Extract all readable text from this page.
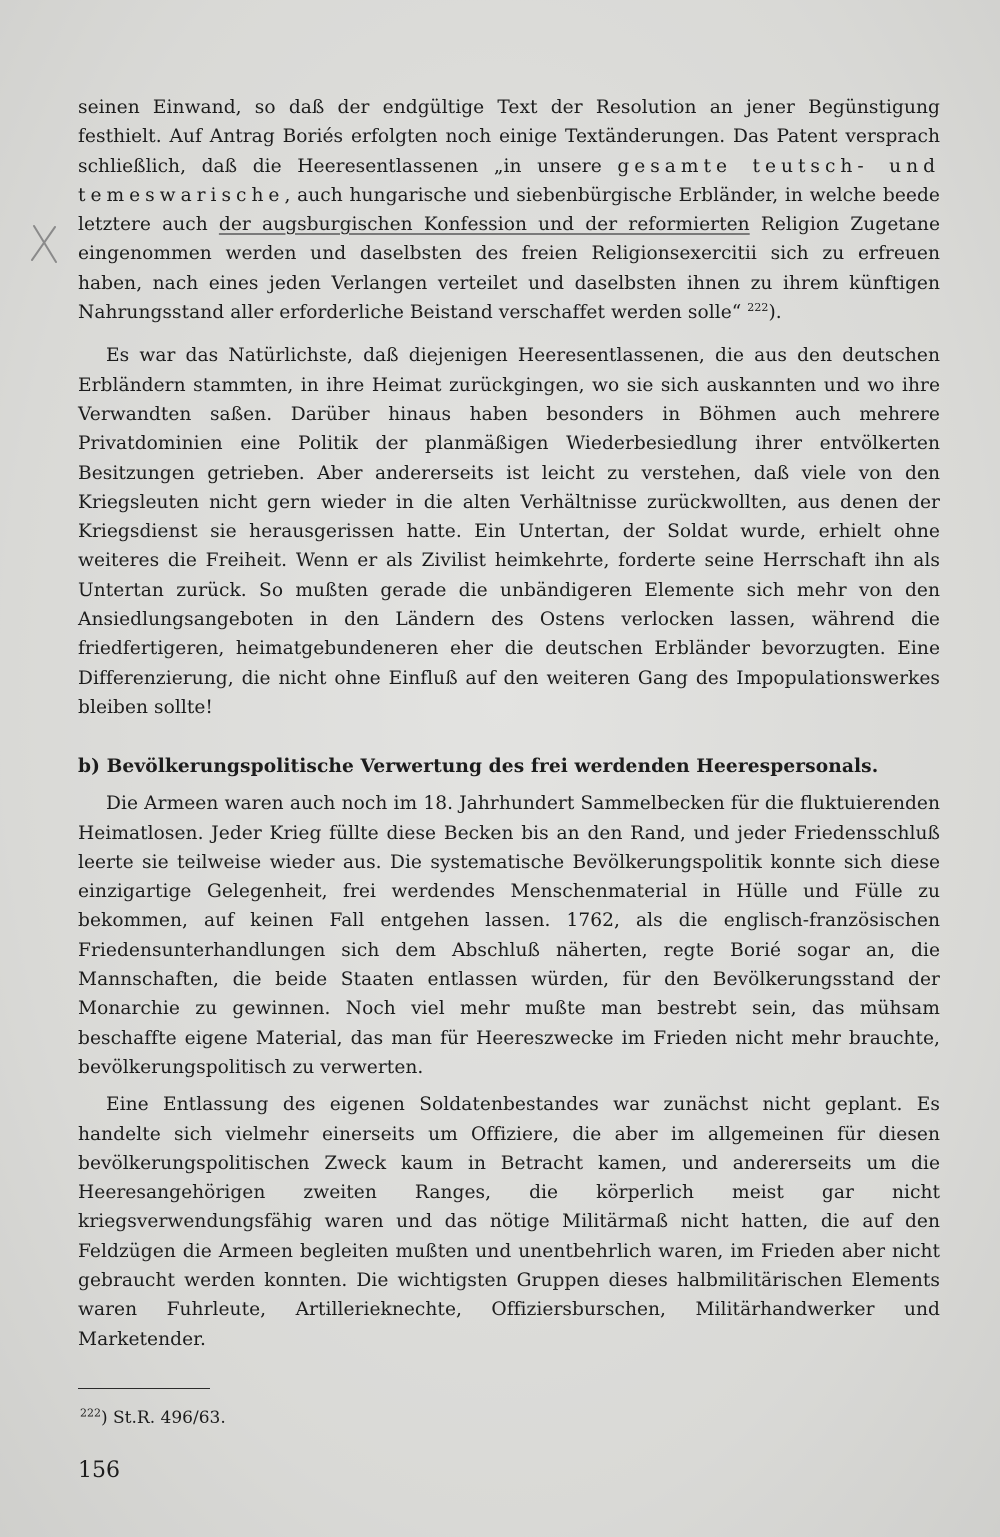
seinen Einwand, so daß der endgültige Text der Resolution an jener Begünstigung festhielt. Auf Antrag Boriés erfolgten noch einige Textänderungen. Das Patent versprach schließlich, daß die Heeresentlassenen „in unsere gesamte teutsch- und temeswarische, auch hungarische und siebenbürgische Erbländer, in welche beede letztere auch der augsburgischen Konfession und der reformierten Religion Zugetane eingenommen werden und daselbsten des freien Religionsexercitii sich zu erfreuen haben, nach eines jeden Verlangen verteilet und daselbsten ihnen zu ihrem künftigen Nahrungsstand aller erforderliche Beistand verschaffet werden solle“ $^{222}$).

Es war das Natürlichste, daß diejenigen Heeresentlassenen, die aus den deutschen Erbländern stammten, in ihre Heimat zurückgingen, wo sie sich auskannten und wo ihre Verwandten saßen. Darüber hinaus haben besonders in Böhmen auch mehrere Privatdominien eine Politik der planmäßigen Wiederbesiedlung ihrer entvölkerten Besitzungen getrieben. Aber andererseits ist leicht zu verstehen, daß viele von den Kriegsleuten nicht gern wieder in die alten Verhältnisse zurückwollten, aus denen der Kriegsdienst sie herausgerissen hatte. Ein Untertan, der Soldat wurde, erhielt ohne weiteres die Freiheit. Wenn er als Zivilist heimkehrte, forderte seine Herrschaft ihn als Untertan zurück. So mußten gerade die unbändigeren Elemente sich mehr von den Ansiedlungsangeboten in den Ländern des Ostens verlocken lassen, während die friedfertigeren, heimatgebundeneren eher die deutschen Erbländer bevorzugten. Eine Differenzierung, die nicht ohne Einfluß auf den weiteren Gang des Impopulationswerkes bleiben sollte!

b) Bevölkerungspolitische Verwertung des frei werdenden Heerespersonals.

Die Armeen waren auch noch im 18. Jahrhundert Sammelbecken für die fluktuierenden Heimatlosen. Jeder Krieg füllte diese Becken bis an den Rand, und jeder Friedensschluß leerte sie teilweise wieder aus. Die systematische Bevölkerungspolitik konnte sich diese einzigartige Gelegenheit, frei werdendes Menschenmaterial in Hülle und Fülle zu bekommen, auf keinen Fall entgehen lassen. 1762, als die englisch-französischen Friedensunterhandlungen sich dem Abschluß näherten, regte Borié sogar an, die Mannschaften, die beide Staaten entlassen würden, für den Bevölkerungsstand der Monarchie zu gewinnen. Noch viel mehr mußte man bestrebt sein, das mühsam beschaffte eigene Material, das man für Heereszwecke im Frieden nicht mehr brauchte, bevölkerungspolitisch zu verwerten.

Eine Entlassung des eigenen Soldatenbestandes war zunächst nicht geplant. Es handelte sich vielmehr einerseits um Offiziere, die aber im allgemeinen für diesen bevölkerungspolitischen Zweck kaum in Betracht kamen, und andererseits um die Heeresangehörigen zweiten Ranges, die körperlich meist gar nicht kriegsverwendungsfähig waren und das nötige Militärmaß nicht hatten, die auf den Feldzügen die Armeen begleiten mußten und unentbehrlich waren, im Frieden aber nicht gebraucht werden konnten. Die wichtigsten Gruppen dieses halbmilitärischen Elements waren Fuhrleute, Artillerieknechte, Offiziersburschen, Militärhandwerker und Marketender.

$^{222}$) St.R. 496/63.
156
